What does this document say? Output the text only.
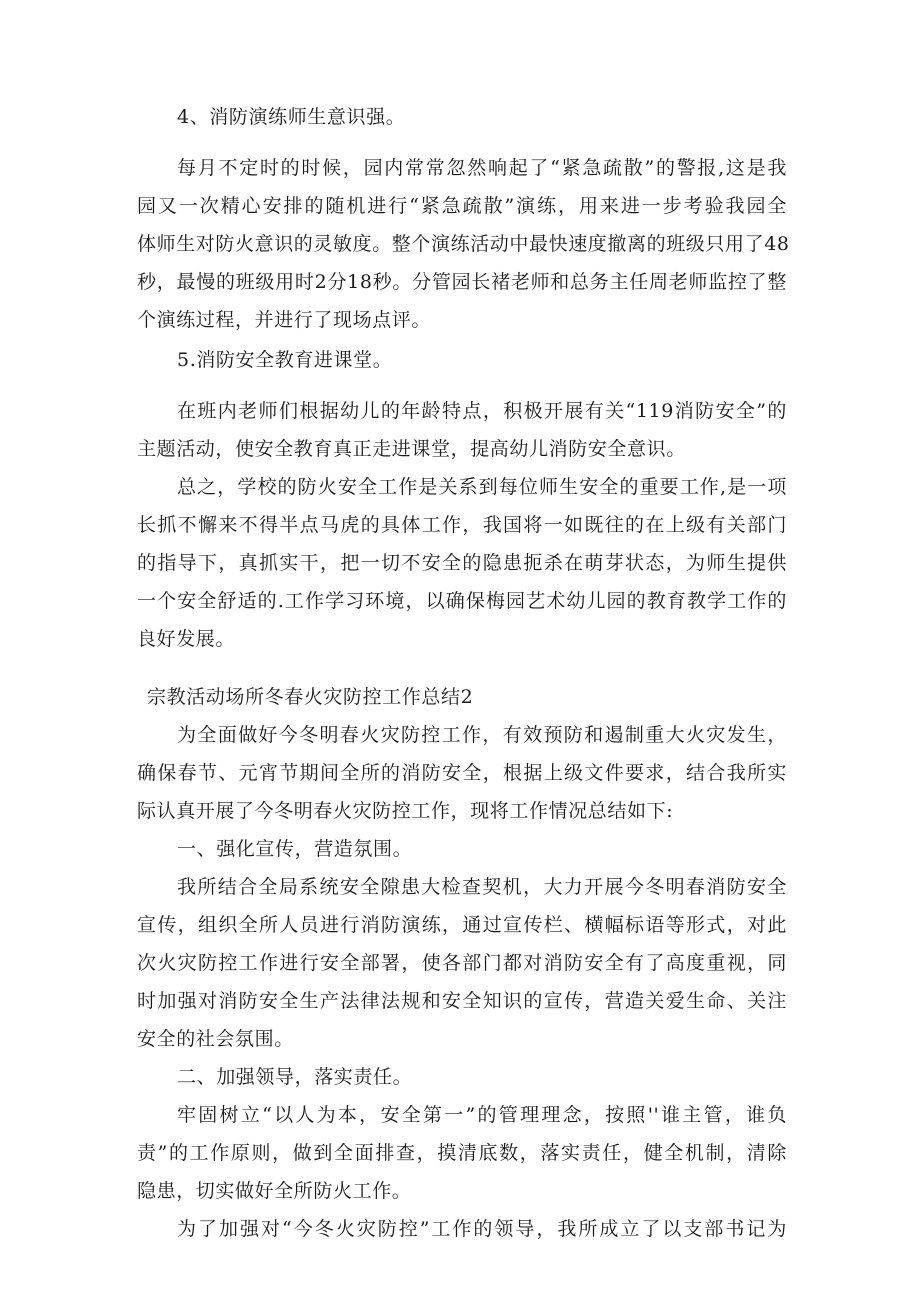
4、消防演练师生意识强。
每月不定时的时候，园内常常忽然响起了“紧急疏散”的警报,这是我
园又一次精心安排的随机进行“紧急疏散”演练，用来进一步考验我园全
体师生对防火意识的灵敏度。整个演练活动中最快速度撤离的班级只用了48
秒，最慢的班级用时2分18秒。分管园长褚老师和总务主任周老师监控了整
个演练过程，并进行了现场点评。
5.消防安全教育进课堂。
在班内老师们根据幼儿的年龄特点，积极开展有关“119消防安全”的
主题活动，使安全教育真正走进课堂，提高幼儿消防安全意识。
总之，学校的防火安全工作是关系到每位师生安全的重要工作,是一项
长抓不懈来不得半点马虎的具体工作，我国将一如既往的在上级有关部门
的指导下，真抓实干，把一切不安全的隐患扼杀在萌芽状态，为师生提供
一个安全舒适的.工作学习环境，以确保梅园艺术幼儿园的教育教学工作的
良好发展。
宗教活动场所冬春火灾防控工作总结2
为全面做好今冬明春火灾防控工作，有效预防和遏制重大火灾发生，
确保春节、元宵节期间全所的消防安全，根据上级文件要求，结合我所实
际认真开展了今冬明春火灾防控工作，现将工作情况总结如下:
一、强化宣传，营造氛围。
我所结合全局系统安全隙患大检查契机，大力开展今冬明春消防安全
宣传，组织全所人员进行消防演练，通过宣传栏、横幅标语等形式，对此
次火灾防控工作进行安全部署，使各部门都对消防安全有了高度重视，同
时加强对消防安全生产法律法规和安全知识的宣传，营造关爱生命、关注
安全的社会氛围。
二、加强领导，落实责任。
牢固树立“以人为本，安全第一”的管理理念，按照''谁主管，谁负
责”的工作原则，做到全面排查，摸清底数，落实责任，健全机制，清除
隐患，切实做好全所防火工作。
为了加强对“今冬火灾防控”工作的领导，我所成立了以支部书记为
